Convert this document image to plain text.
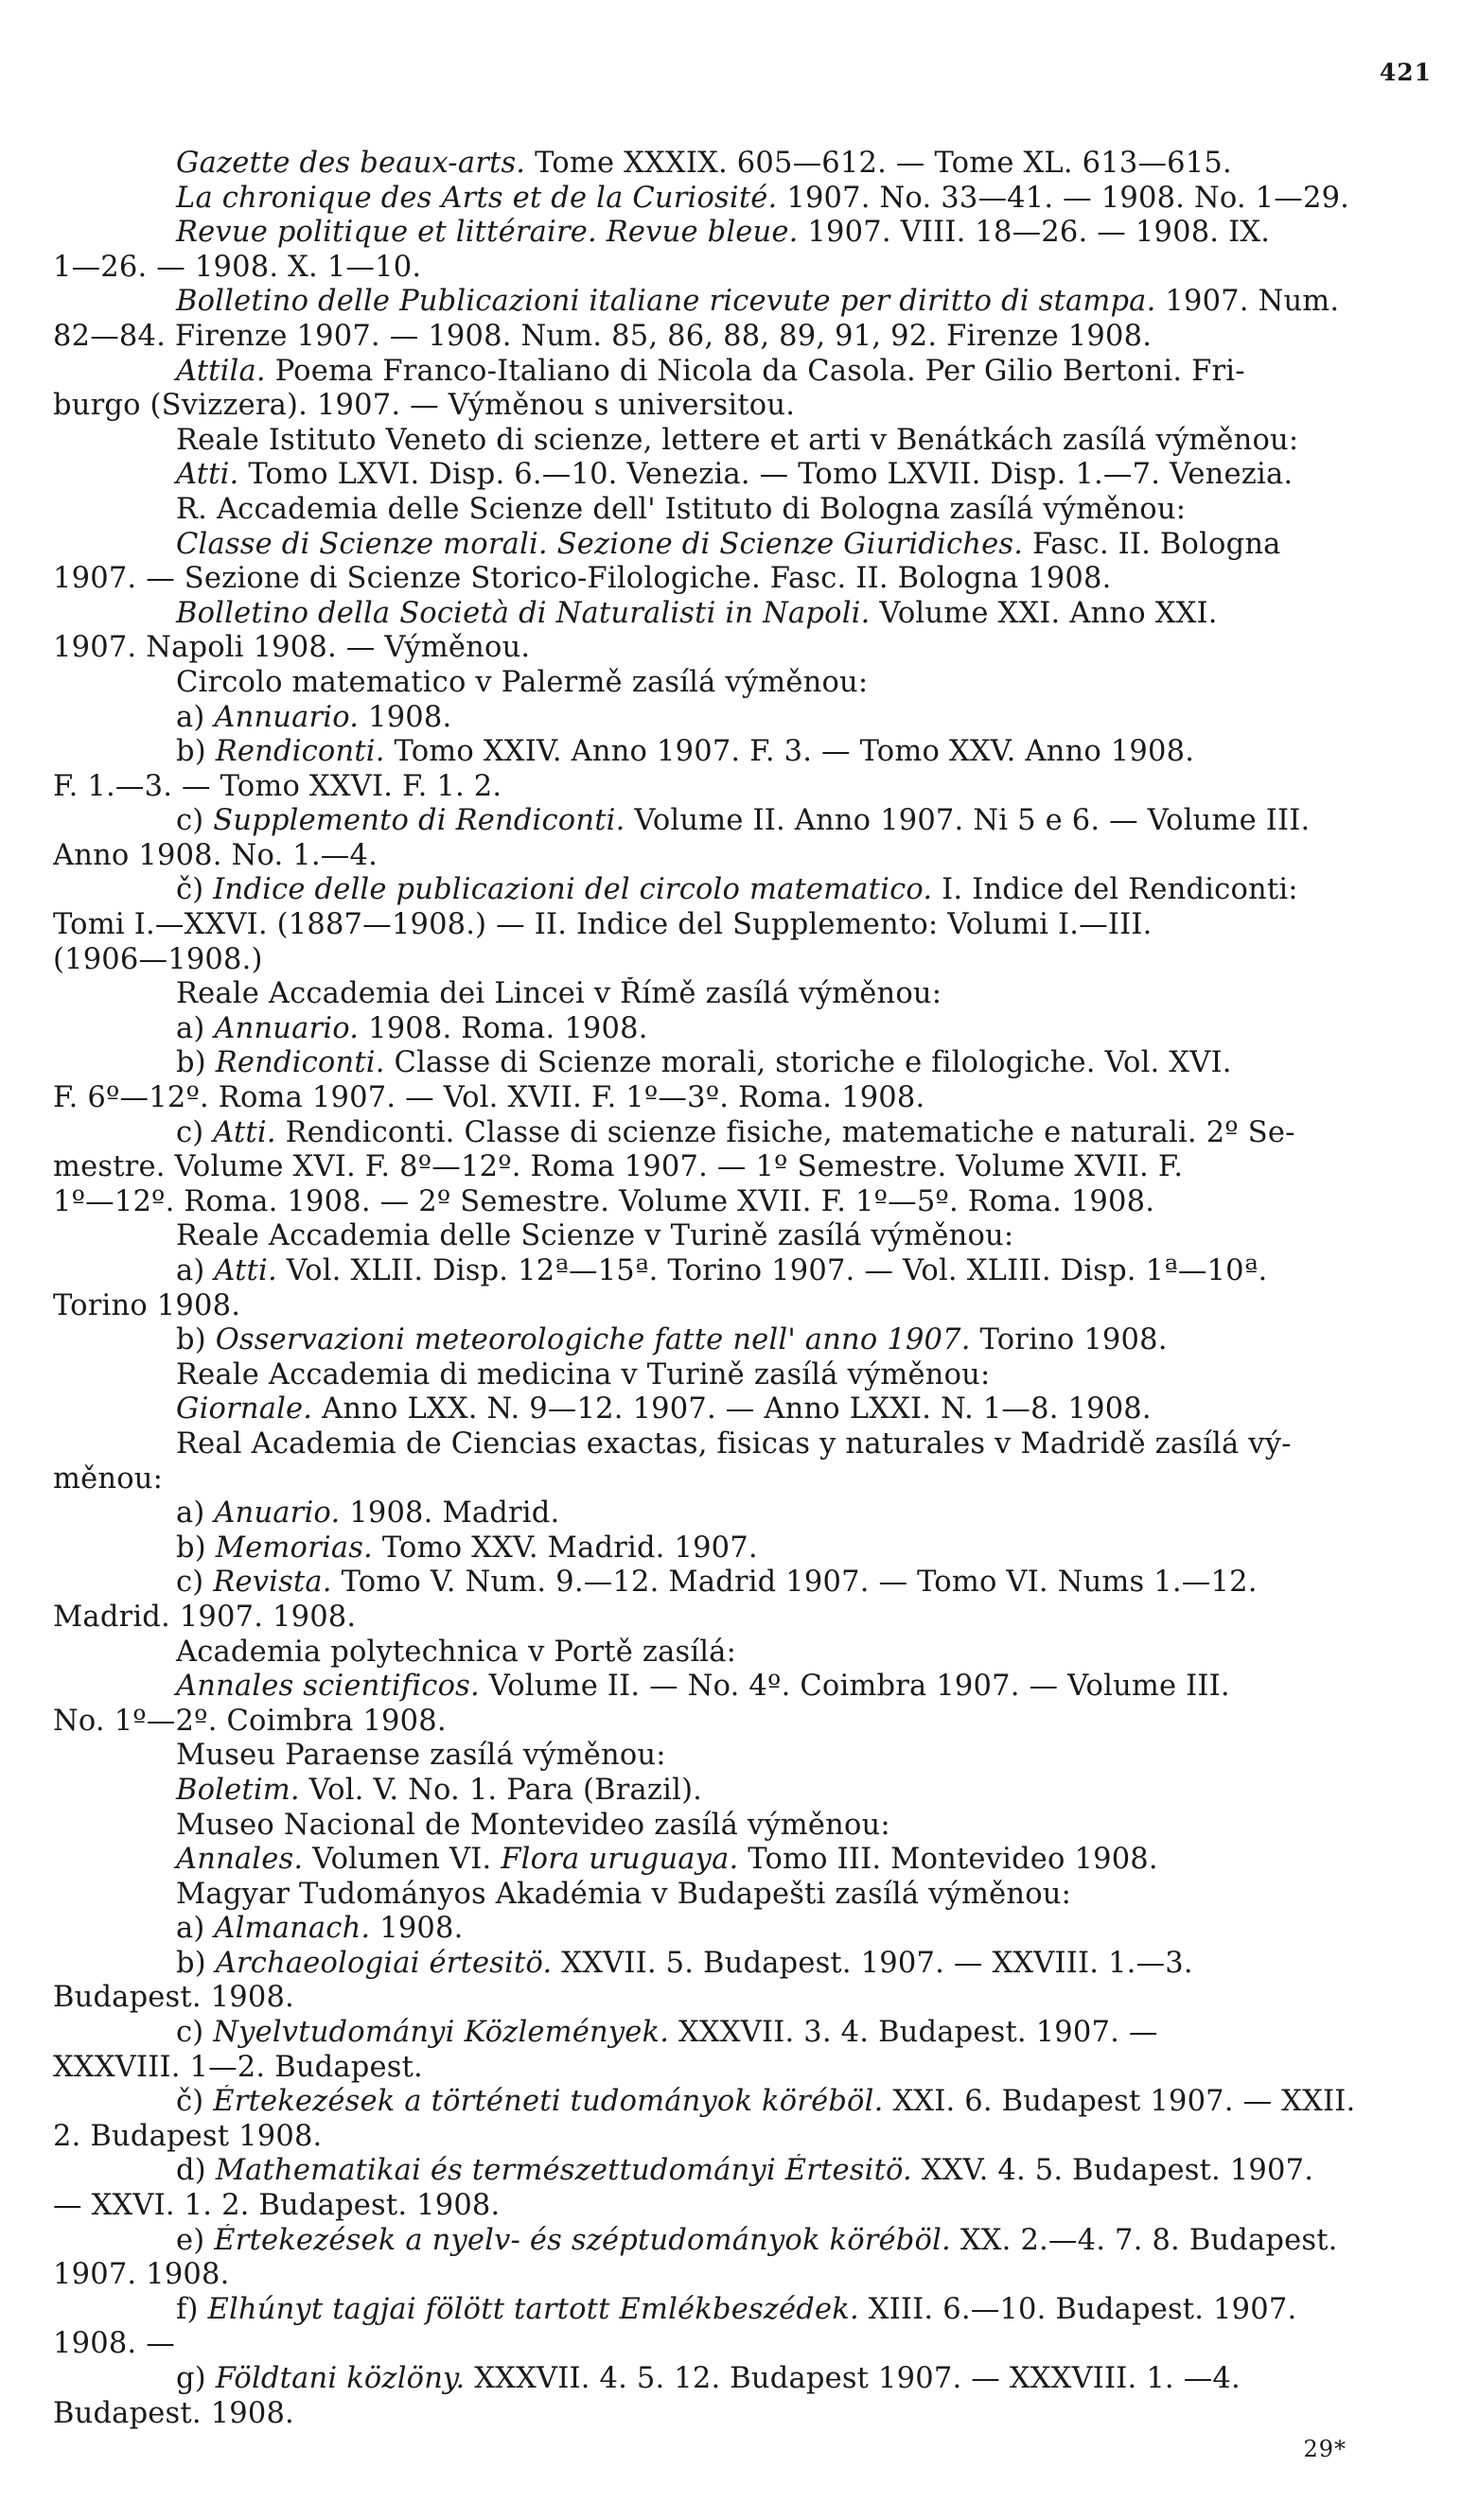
421
Gazette des beaux-arts. Tome XXXIX. 605—612. — Tome XL. 613—615.
La chronique des Arts et de la Curiosité. 1907. No. 33—41. — 1908. No. 1—29.
Revue politique et littéraire. Revue bleue. 1907. VIII. 18—26. — 1908. IX.
1—26. — 1908. X. 1—10.
Bolletino delle Publicazioni italiane ricevute per diritto di stampa. 1907. Num.
82—84. Firenze 1907. — 1908. Num. 85, 86, 88, 89, 91, 92. Firenze 1908.
Attila. Poema Franco-Italiano di Nicola da Casola. Per Gilio Bertoni. Fri-
burgo (Svizzera). 1907. — Výměnou s universitou.
Reale Istituto Veneto di scienze, lettere et arti v Benátkách zasílá výměnou:
Atti. Tomo LXVI. Disp. 6.—10. Venezia. — Tomo LXVII. Disp. 1.—7. Venezia.
R. Accademia delle Scienze dell' Istituto di Bologna zasílá výměnou:
Classe di Scienze morali. Sezione di Scienze Giuridiches. Fasc. II. Bologna
1907. — Sezione di Scienze Storico-Filologiche. Fasc. II. Bologna 1908.
Bolletino della Società di Naturalisti in Napoli. Volume XXI. Anno XXI.
1907. Napoli 1908. — Výměnou.
Circolo matematico v Palermě zasílá výměnou:
a) Annuario. 1908.
b) Rendiconti. Tomo XXIV. Anno 1907. F. 3. — Tomo XXV. Anno 1908.
F. 1.—3. — Tomo XXVI. F. 1. 2.
c) Supplemento di Rendiconti. Volume II. Anno 1907. Ni 5 e 6. — Volume III.
Anno 1908. No. 1.—4.
č) Indice delle publicazioni del circolo matematico. I. Indice del Rendiconti:
Tomi I.—XXVI. (1887—1908.) — II. Indice del Supplemento: Volumi I.—III.
(1906—1908.)
Reale Accademia dei Lincei v Římě zasílá výměnou:
a) Annuario. 1908. Roma. 1908.
b) Rendiconti. Classe di Scienze morali, storiche e filologiche. Vol. XVI.
F. 6º—12º. Roma 1907. — Vol. XVII. F. 1º—3º. Roma. 1908.
c) Atti. Rendiconti. Classe di scienze fisiche, matematiche e naturali. 2º Se-
mestre. Volume XVI. F. 8º—12º. Roma 1907. — 1º Semestre. Volume XVII. F.
1º—12º. Roma. 1908. — 2º Semestre. Volume XVII. F. 1º—5º. Roma. 1908.
Reale Accademia delle Scienze v Turině zasílá výměnou:
a) Atti. Vol. XLII. Disp. 12ª—15ª. Torino 1907. — Vol. XLIII. Disp. 1ª—10ª.
Torino 1908.
b) Osservazioni meteorologiche fatte nell' anno 1907. Torino 1908.
Reale Accademia di medicina v Turině zasílá výměnou:
Giornale. Anno LXX. N. 9—12. 1907. — Anno LXXI. N. 1—8. 1908.
Real Academia de Ciencias exactas, fisicas y naturales v Madridě zasílá vý-
měnou:
a) Anuario. 1908. Madrid.
b) Memorias. Tomo XXV. Madrid. 1907.
c) Revista. Tomo V. Num. 9.—12. Madrid 1907. — Tomo VI. Nums 1.—12.
Madrid. 1907. 1908.
Academia polytechnica v Portě zasílá:
Annales scientificos. Volume II. — No. 4º. Coimbra 1907. — Volume III.
No. 1º—2º. Coimbra 1908.
Museu Paraense zasílá výměnou:
Boletim. Vol. V. No. 1. Para (Brazil).
Museo Nacional de Montevideo zasílá výměnou:
Annales. Volumen VI. Flora uruguaya. Tomo III. Montevideo 1908.
Magyar Tudományos Akadémia v Budapešti zasílá výměnou:
a) Almanach. 1908.
b) Archaeologiai értesitö. XXVII. 5. Budapest. 1907. — XXVIII. 1.—3.
Budapest. 1908.
c) Nyelvtudományi Közlemények. XXXVII. 3. 4. Budapest. 1907. —
XXXVIII. 1—2. Budapest.
č) Értekezések a történeti tudományok köréböl. XXI. 6. Budapest 1907. — XXII.
2. Budapest 1908.
d) Mathematikai és természettudományi Értesitö. XXV. 4. 5. Budapest. 1907.
— XXVI. 1. 2. Budapest. 1908.
e) Értekezések a nyelv- és széptudományok köréböl. XX. 2.—4. 7. 8. Budapest.
1907. 1908.
f) Elhúnyt tagjai fölött tartott Emlékbeszédek. XIII. 6.—10. Budapest. 1907.
1908. —
g) Földtani közlöny. XXXVII. 4. 5. 12. Budapest 1907. — XXXVIII. 1. —4.
Budapest. 1908.
29*
